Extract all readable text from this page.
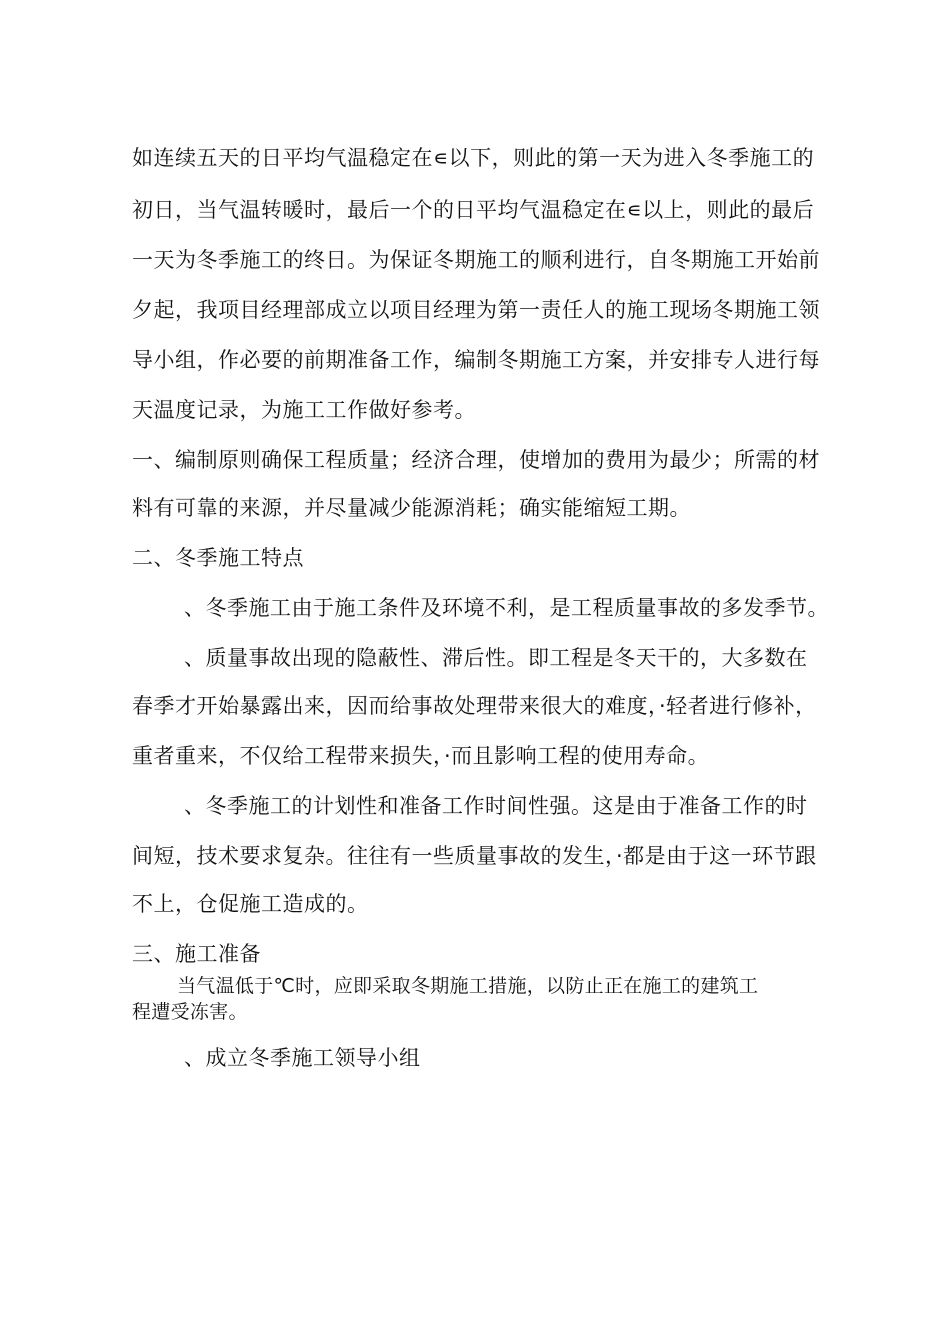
如连续五天的日平均气温稳定在∊以下，则此的第一天为进入冬季施工的
初日，当气温转暖时，最后一个的日平均气温稳定在∊以上，则此的最后
一天为冬季施工的终日。为保证冬期施工的顺利进行，自冬期施工开始前
夕起，我项目经理部成立以项目经理为第一责任人的施工现场冬期施工领
导小组，作必要的前期准备工作，编制冬期施工方案，并安排专人进行每
天温度记录，为施工工作做好参考。
一、编制原则确保工程质量；经济合理，使增加的费用为最少；所需的材
料有可靠的来源，并尽量减少能源消耗；确实能缩短工期。
二、冬季施工特点
、冬季施工由于施工条件及环境不利，是工程质量事故的多发季节。
、质量事故出现的隐蔽性、滞后性。即工程是冬天干的，大多数在
春季才开始暴露出来，因而给事故处理带来很大的难度，·轻者进行修补，
重者重来，不仅给工程带来损失，·而且影响工程的使用寿命。
、冬季施工的计划性和准备工作时间性强。这是由于准备工作的时
间短，技术要求复杂。往往有一些质量事故的发生，·都是由于这一环节跟
不上，仓促施工造成的。
三、施工准备
当气温低于℃时，应即采取冬期施工措施，以防止正在施工的建筑工
程遭受冻害。
、成立冬季施工领导小组
